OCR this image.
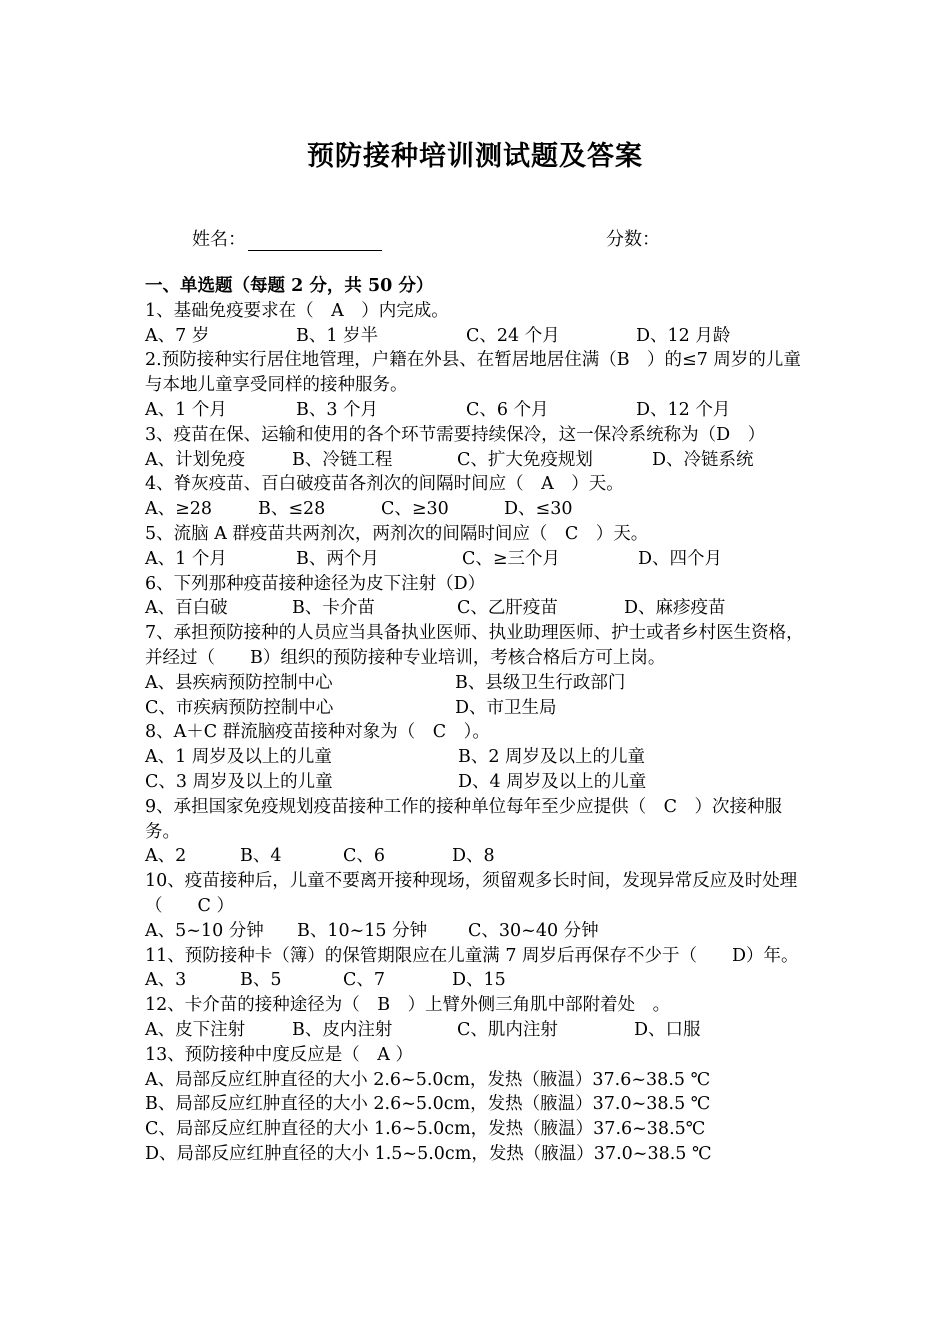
预防接种培训测试题及答案
姓名：	分数：
一、单选题（每题 2 分，共 50 分）
1、基础免疫要求在（　A　）内完成。
A、7 岁	B、1 岁半	C、24 个月	D、12 月龄
2.预防接种实行居住地管理，户籍在外县、在暂居地居住满（B　）的≤7 周岁的儿童与本地儿童享受同样的接种服务。
A、1 个月	B、3 个月	C、6 个月	D、12 个月
3、疫苗在保、运输和使用的各个环节需要持续保冷，这一保冷系统称为（D　）
A、计划免疫	B、冷链工程	C、扩大免疫规划	D、冷链系统
4、脊灰疫苗、百白破疫苗各剂次的间隔时间应（　A　）天。
A、≥28	B、≤28	C、≥30	D、≤30
5、流脑 A 群疫苗共两剂次，两剂次的间隔时间应（　C　）天。
A、1 个月	B、两个月	C、≥三个月	D、四个月
6、下列那种疫苗接种途径为皮下注射（D）
A、百白破	B、卡介苗	C、乙肝疫苗	D、麻疹疫苗
7、承担预防接种的人员应当具备执业医师、执业助理医师、护士或者乡村医生资格，并经过（　　B）组织的预防接种专业培训，考核合格后方可上岗。
A、县疾病预防控制中心	B、县级卫生行政部门
C、市疾病预防控制中心	D、市卫生局
8、A＋C 群流脑疫苗接种对象为（　C　）。
A、1 周岁及以上的儿童	B、2 周岁及以上的儿童
C、3 周岁及以上的儿童	D、4 周岁及以上的儿童
9、承担国家免疫规划疫苗接种工作的接种单位每年至少应提供（　C　）次接种服务。
A、2	B、4	C、6	D、8
10、疫苗接种后，儿童不要离开接种现场，须留观多长时间，发现异常反应及时处理（　　C ）
A、5~10 分钟	B、10~15 分钟	C、30~40 分钟
11、预防接种卡（簿）的保管期限应在儿童满 7 周岁后再保存不少于（　　D）年。
A、3	B、5	C、7	D、15
12、卡介苗的接种途径为（　B　）上臂外侧三角肌中部附着处　。
A、皮下注射	B、皮内注射	C、肌内注射	D、口服
13、预防接种中度反应是（　A ）
A、局部反应红肿直径的大小 2.6~5.0cm，发热（腋温）37.6~38.5 ℃
B、局部反应红肿直径的大小 2.6~5.0cm，发热（腋温）37.0~38.5 ℃
C、局部反应红肿直径的大小 1.6~5.0cm，发热（腋温）37.6~38.5℃
D、局部反应红肿直径的大小 1.5~5.0cm，发热（腋温）37.0~38.5 ℃
